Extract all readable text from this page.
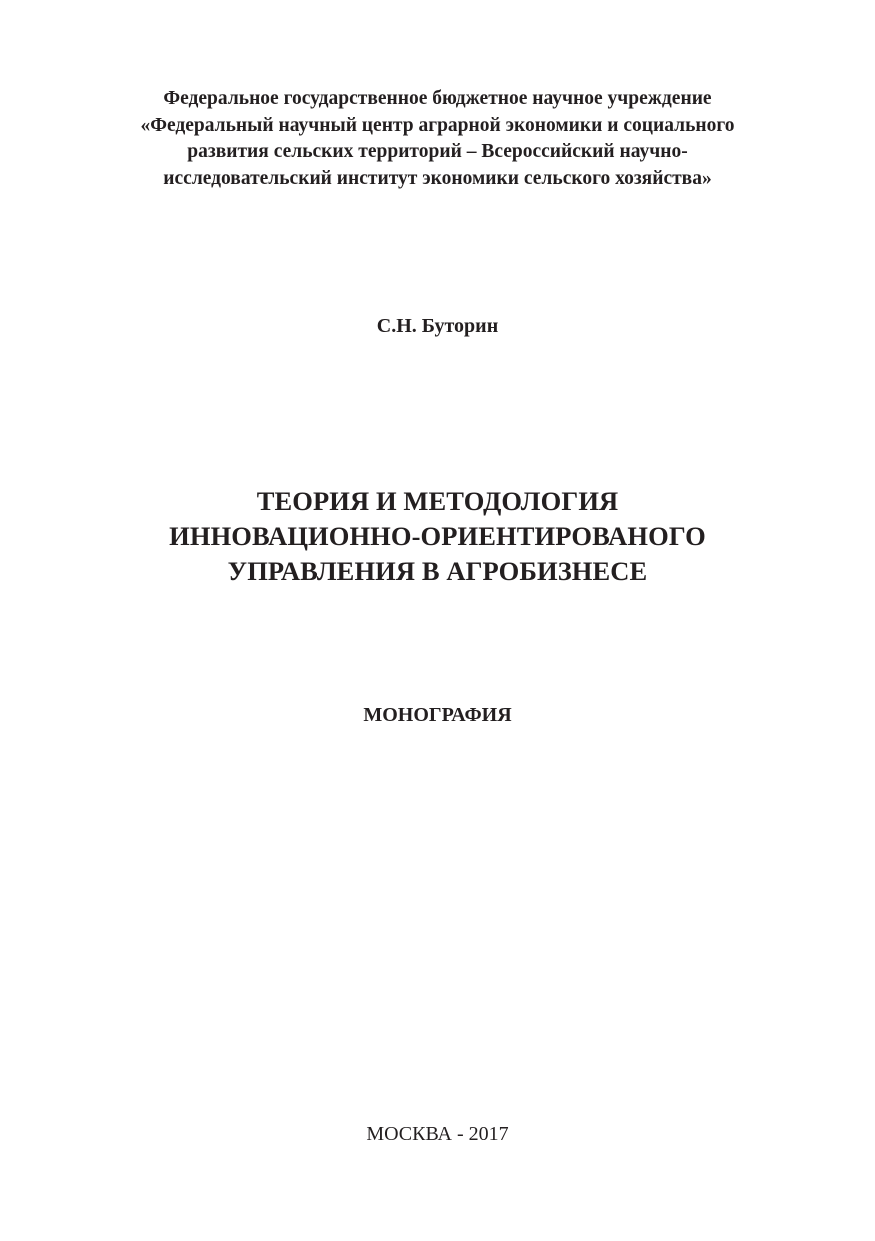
Федеральное государственное бюджетное научное учреждение
«Федеральный научный центр аграрной экономики и социального
развития сельских территорий – Всероссийский научно-
исследовательский институт экономики сельского хозяйства»
С.Н. Буторин
ТЕОРИЯ И МЕТОДОЛОГИЯ
ИННОВАЦИОННО-ОРИЕНТИРОВАНОГО
УПРАВЛЕНИЯ В АГРОБИЗНЕСЕ
МОНОГРАФИЯ
МОСКВА - 2017
